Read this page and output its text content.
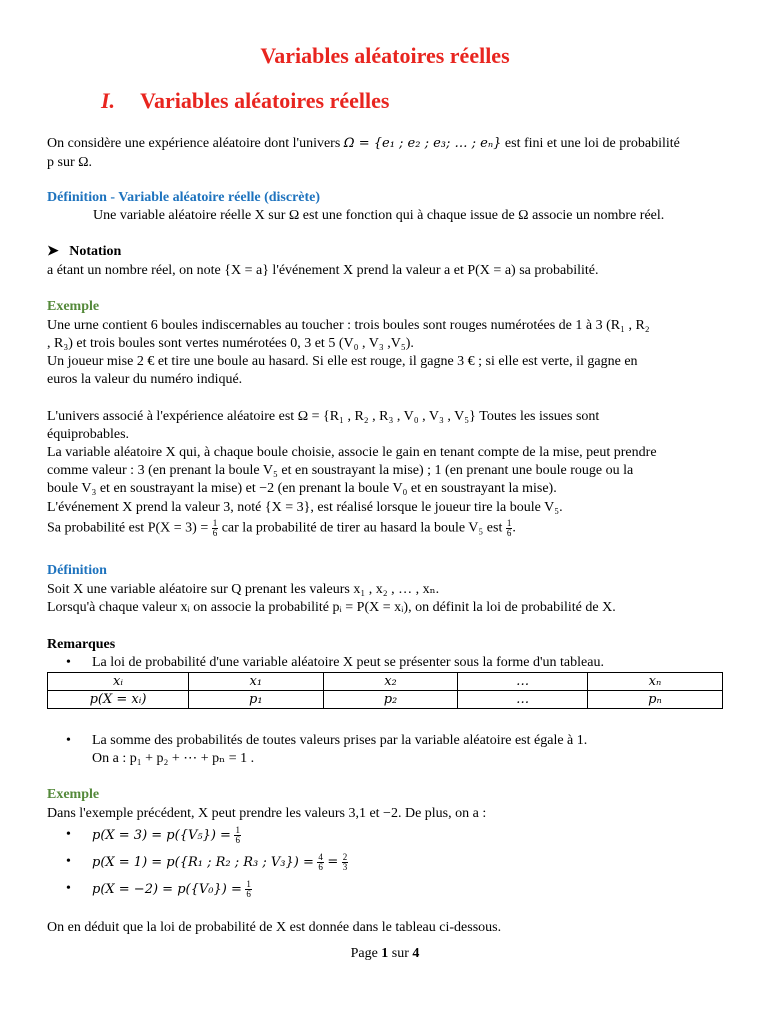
Variables aléatoires réelles
I. Variables aléatoires réelles
On considère une expérience aléatoire dont l'univers Ω = {e₁ ; e₂ ; e₃; … ; eₙ} est fini et une loi de probabilité
p sur Ω.
Définition - Variable aléatoire réelle (discrète)
Une variable aléatoire réelle X sur Ω est une fonction qui à chaque issue de Ω associe un nombre réel.
➤ Notation
a étant un nombre réel, on note {X = a} l'événement X prend la valeur a et P(X = a) sa probabilité.
Exemple
Une urne contient 6 boules indiscernables au toucher : trois boules sont rouges numérotées de 1 à 3 (R₁ , R₂
, R₃) et trois boules sont vertes numérotées 0, 3 et 5 (V₀ , V₃ ,V₅).
Un joueur mise 2 € et tire une boule au hasard. Si elle est rouge, il gagne 3 € ; si elle est verte, il gagne en
euros la valeur du numéro indiqué.
L'univers associé à l'expérience aléatoire est Ω = {R₁ , R₂ , R₃ , V₀ , V₃ , V₅} Toutes les issues sont
équiprobables.
La variable aléatoire X qui, à chaque boule choisie, associe le gain en tenant compte de la mise, peut prendre
comme valeur : 3 (en prenant la boule V₅ et en soustrayant la mise) ; 1 (en prenant une boule rouge ou la
boule V₃ et en soustrayant la mise) et −2 (en prenant la boule V₀ et en soustrayant la mise).
L'événement X prend la valeur 3, noté {X = 3}, est réalisé lorsque le joueur tire la boule V₅.
Sa probabilité est $P(X = 3) = \frac{1}{6}$ car la probabilité de tirer au hasard la boule V₅ est $\frac{1}{6}$ .
Définition
Soit X une variable aléatoire sur Q prenant les valeurs x₁ , x₂ , … , xₙ.
Lorsqu'à chaque valeur xᵢ on associe la probabilité pᵢ = P(X = xᵢ), on définit la loi de probabilité de X.
Remarques
• La loi de probabilité d'une variable aléatoire X peut se présenter sous la forme d'un tableau.
xᵢ	x₁	x₂	…	xₙ
p(X = xᵢ)	p₁	p₂	…	pₙ
• La somme des probabilités de toutes valeurs prises par la variable aléatoire est égale à 1.
On a : p₁ + p₂ + ⋯ + pₙ = 1 .
Exemple
Dans l'exemple précédent, X peut prendre les valeurs 3,1 et −2. De plus, on a :
• $p(X = 3) = p(\{V_5\}) = \frac{1}{6}$
• p(X = 1) = p({R₁ ; R₂ ; R₃ ; $V_3\}) = \frac{4}{6} = \frac{2}{3}$
• $p(X = -2) = p(\{V_0\}) = \frac{1}{6}$
On en déduit que la loi de probabilité de X est donnée dans le tableau ci-dessous.
Page 1 sur 4
